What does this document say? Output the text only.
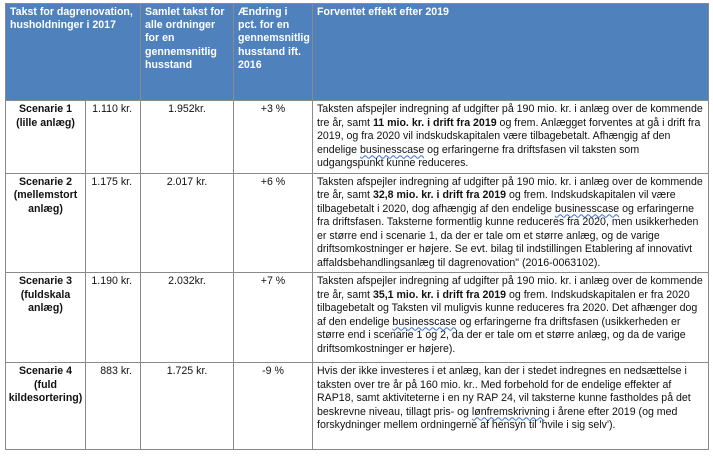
Takst for dagrenovation, husholdninger i 2017		Samlet takst for alle ordninger for en gennemsnitlig husstand	Ændring i pct. for en gennemsnitlig husstand ift. 2016	Forventet effekt efter 2019
Scenarie 1 (lille anlæg)	1.110 kr.	1.952kr.	+3 %	Taksten afspejler indregning af udgifter på 190 mio. kr. i anlæg over de kommende tre år, samt 11 mio. kr. i drift fra 2019 og frem. Anlægget forventes at gå i drift fra 2019, og fra 2020 vil indskudskapitalen være tilbagebetalt. Afhængig af den endelige businesscase og erfaringerne fra driftsfasen vil taksten som udgangspunkt kunne reduceres.
Scenarie 2 (mellemstort anlæg)	1.175 kr.	2.017 kr.	+6 %	Taksten afspejler indregning af udgifter på 190 mio. kr. i anlæg over de kommende tre år, samt 32,8 mio. kr. i drift fra 2019 og frem. Indskudskapitalen vil være tilbagebetalt i 2020, dog afhængig af den endelige businesscase og erfaringerne fra driftsfasen. Taksterne formentlig kunne reduceres fra 2020, men usikkerheden er større end i scenarie 1, da der er tale om et større anlæg, og de varige driftsomkostninger er højere. Se evt. bilag til indstillingen Etablering af innovativt affaldsbehandlingsanlæg til dagrenovation" (2016-0063102).
Scenarie 3 (fuldskala anlæg)	1.190 kr.	2.032kr.	+7 %	Taksten afspejler indregning af udgifter på 190 mio. kr. i anlæg over de kommende tre år, samt 35,1 mio. kr. i drift fra 2019 og frem. Indskudskapitalen er fra 2020 tilbagebetalt og Taksten vil muligvis kunne reduceres fra 2020. Det afhænger dog af den endelige businesscase og erfaringerne fra driftsfasen (usikkerheden er større end i scenarie 1 og 2, da der er tale om et større anlæg, og da de varige driftsomkostninger er højere).
Scenarie 4 (fuld kildesortering)	883 kr.	1.725 kr.	-9 %	Hvis der ikke investeres i et anlæg, kan der i stedet indregnes en nedsættelse i taksten over tre år på 160 mio. kr.. Med forbehold for de endelige effekter af RAP18, samt aktiviteterne i en ny RAP 24, vil taksterne kunne fastholdes på det beskrevne niveau, tillagt pris- og lønfremskrivning i årene efter 2019 (og med forskydninger mellem ordningerne af hensyn til 'hvile i sig selv').
